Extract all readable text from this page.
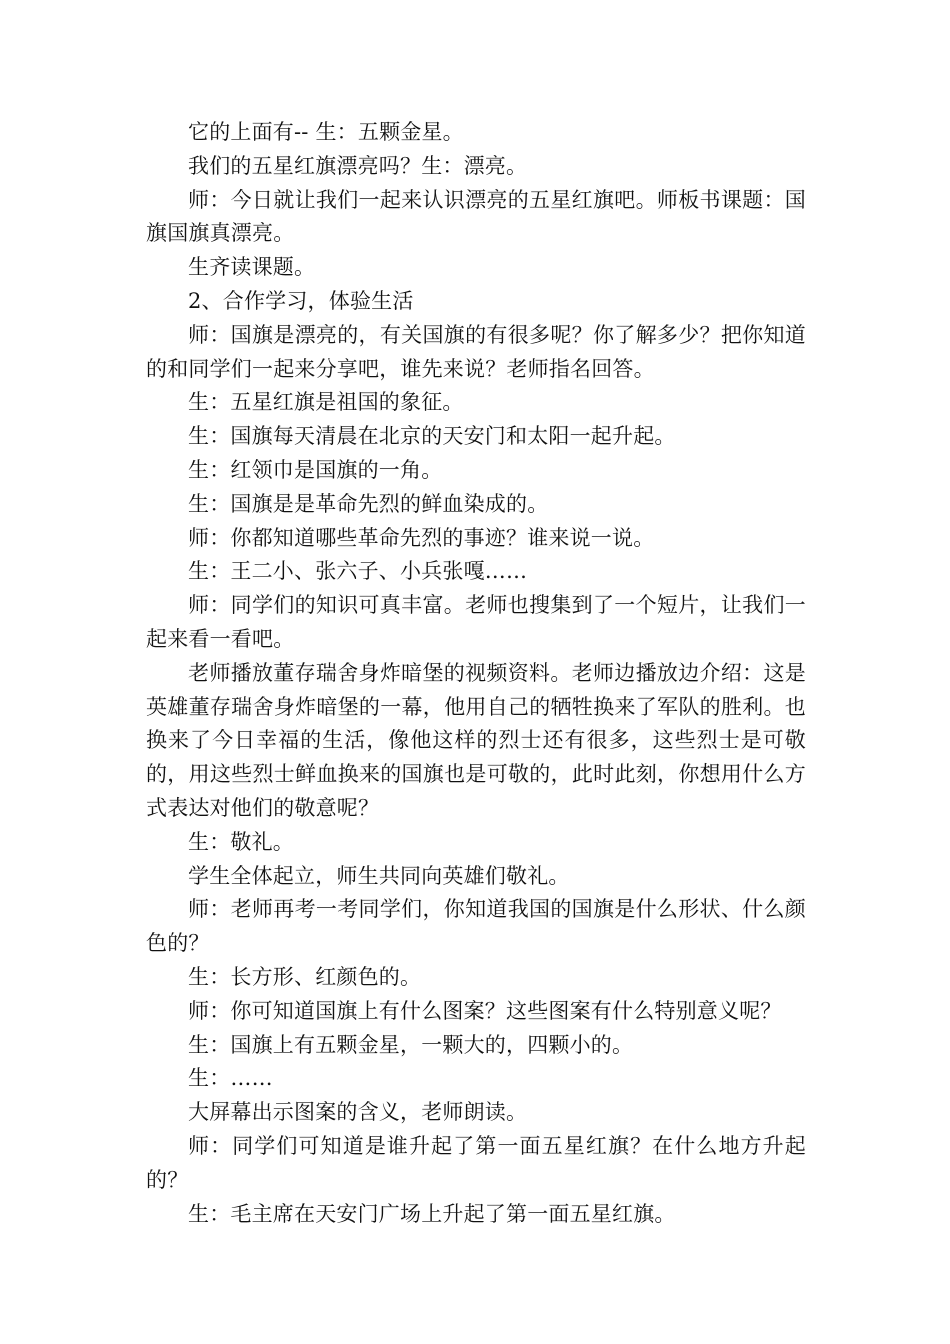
它的上面有-- 生：五颗金星。

我们的五星红旗漂亮吗？生：漂亮。

师：今日就让我们一起来认识漂亮的五星红旗吧。师板书课题：国旗国旗真漂亮。

生齐读课题。

2、合作学习，体验生活

师：国旗是漂亮的，有关国旗的有很多呢？你了解多少？把你知道的和同学们一起来分享吧，谁先来说？老师指名回答。

生：五星红旗是祖国的象征。

生：国旗每天清晨在北京的天安门和太阳一起升起。

生：红领巾是国旗的一角。

生：国旗是是革命先烈的鲜血染成的。

师：你都知道哪些革命先烈的事迹？谁来说一说。

生：王二小、张六子、小兵张嘎……

师：同学们的知识可真丰富。老师也搜集到了一个短片，让我们一起来看一看吧。

老师播放董存瑞舍身炸暗堡的视频资料。老师边播放边介绍：这是英雄董存瑞舍身炸暗堡的一幕，他用自己的牺牲换来了军队的胜利。也换来了今日幸福的生活，像他这样的烈士还有很多，这些烈士是可敬的，用这些烈士鲜血换来的国旗也是可敬的，此时此刻，你想用什么方式表达对他们的敬意呢？

生：敬礼。

学生全体起立，师生共同向英雄们敬礼。

师：老师再考一考同学们，你知道我国的国旗是什么形状、什么颜色的？

生：长方形、红颜色的。

师：你可知道国旗上有什么图案？这些图案有什么特别意义呢？

生：国旗上有五颗金星，一颗大的，四颗小的。

生：……

大屏幕出示图案的含义，老师朗读。

师：同学们可知道是谁升起了第一面五星红旗？在什么地方升起的？

生：毛主席在天安门广场上升起了第一面五星红旗。
